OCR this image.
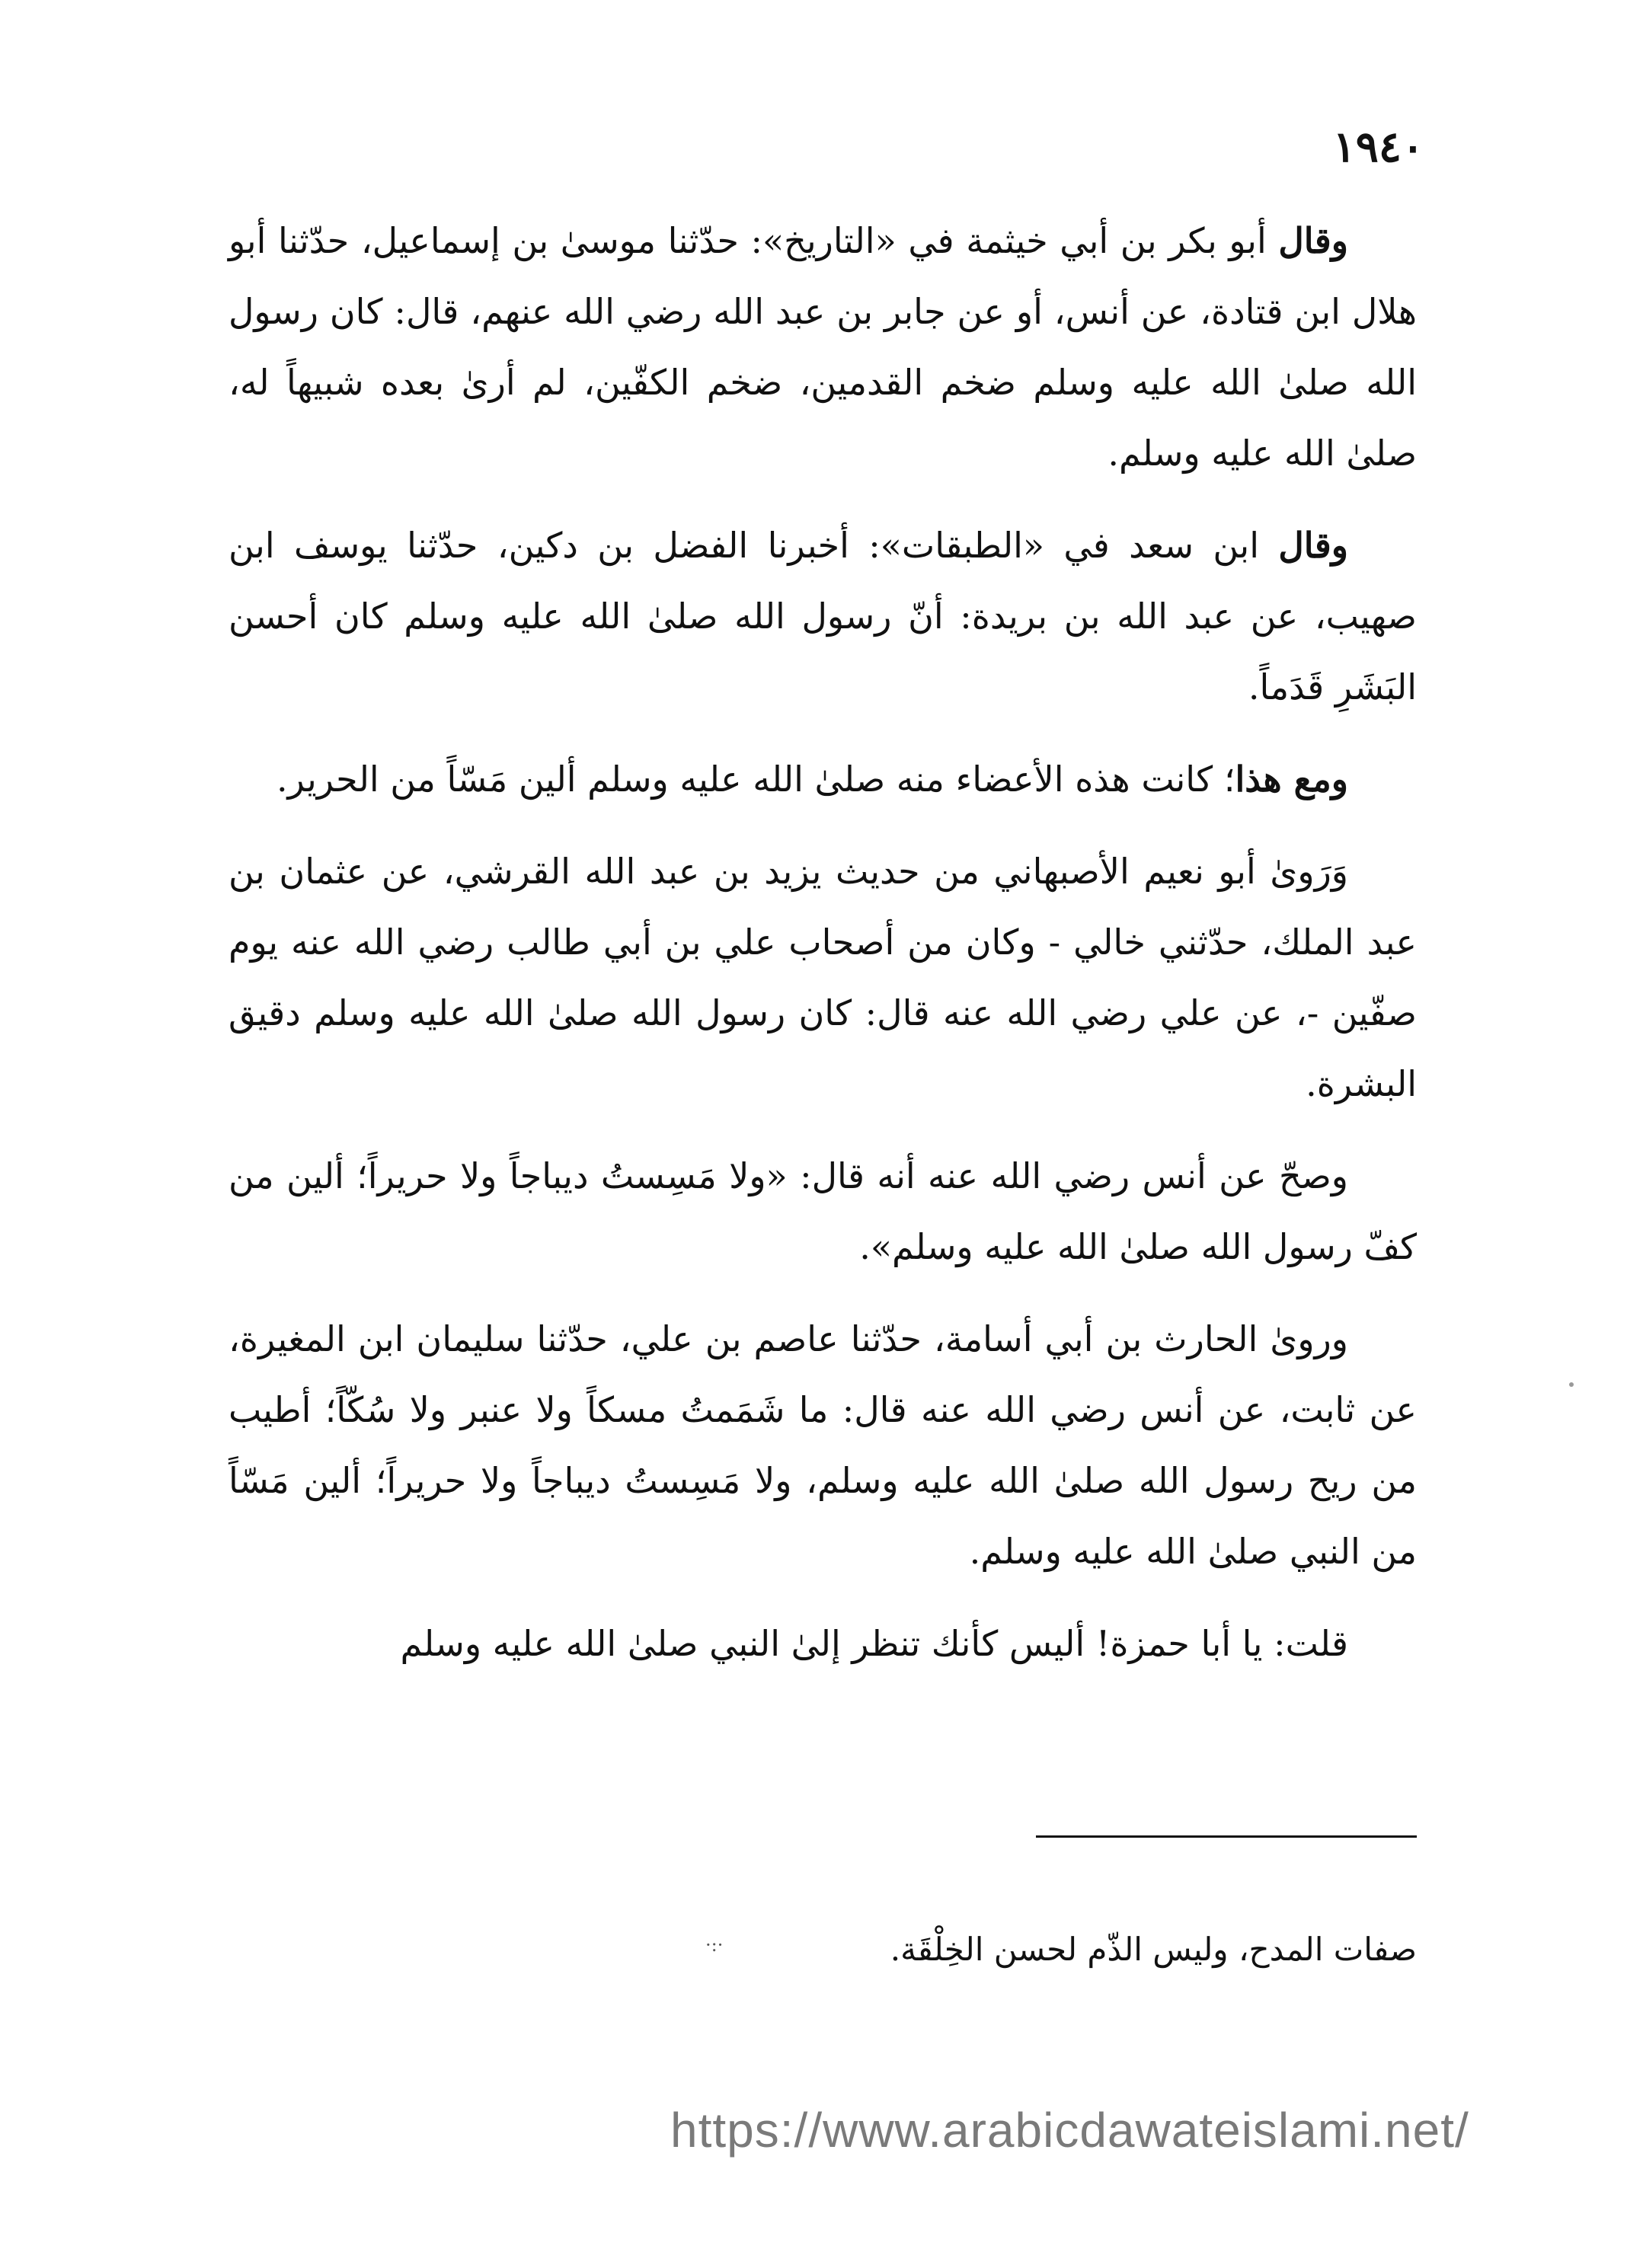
١٩٤٠

وقال أبو بكر بن أبي خيثمة في «التاريخ»: حدّثنا موسىٰ بن إسماعيل، حدّثنا أبو هلال ابن قتادة، عن أنس، أو عن جابر بن عبد الله رضي الله عنهم، قال: كان رسول الله صلىٰ الله عليه وسلم ضخم القدمين، ضخم الكفّين، لم أرىٰ بعده شبيهاً له، صلىٰ الله عليه وسلم.

وقال ابن سعد في «الطبقات»: أخبرنا الفضل بن دكين، حدّثنا يوسف ابن صهيب، عن عبد الله بن بريدة: أنّ رسول الله صلىٰ الله عليه وسلم كان أحسن البَشَرِ قَدَماً.

ومع هذا؛ كانت هذه الأعضاء منه صلىٰ الله عليه وسلم ألين مَسّاً من الحرير.

وَرَوىٰ أبو نعيم الأصبهاني من حديث يزيد بن عبد الله القرشي، عن عثمان بن عبد الملك، حدّثني خالي - وكان من أصحاب علي بن أبي طالب رضي الله عنه يوم صفّين -، عن علي رضي الله عنه قال: كان رسول الله صلىٰ الله عليه وسلم دقيق البشرة.

وصحّ عن أنس رضي الله عنه أنه قال: «ولا مَسِستُ ديباجاً ولا حريراً؛ ألين من كفّ رسول الله صلىٰ الله عليه وسلم».

وروىٰ الحارث بن أبي أسامة، حدّثنا عاصم بن علي، حدّثنا سليمان ابن المغيرة، عن ثابت، عن أنس رضي الله عنه قال: ما شَمَمتُ مسكاً ولا عنبر ولا سُكّاً؛ أطيب من ريح رسول الله صلىٰ الله عليه وسلم، ولا مَسِستُ ديباجاً ولا حريراً؛ ألين مَسّاً من النبي صلىٰ الله عليه وسلم.

قلت: يا أبا حمزة! أليس كأنك تنظر إلىٰ النبي صلىٰ الله عليه وسلم

صفات المدح، وليس الذّم لحسن الخِلْقَة.
·:·
https://www.arabicdawateislami.net/
